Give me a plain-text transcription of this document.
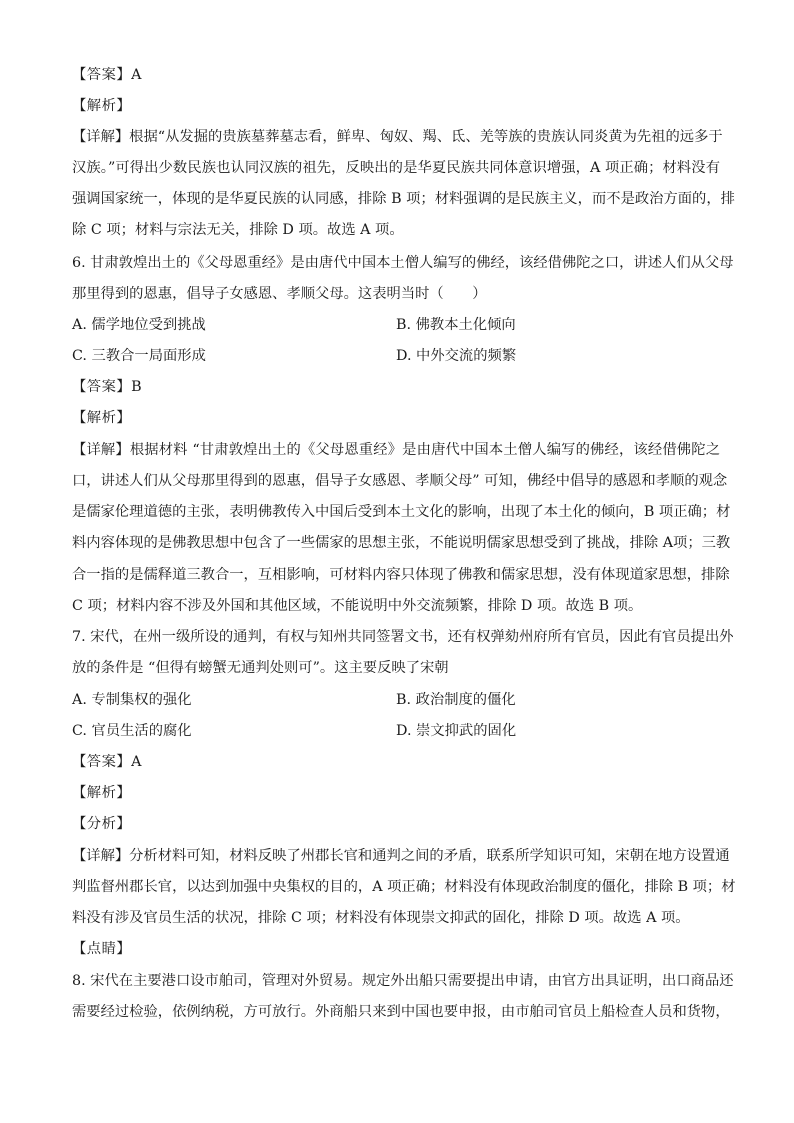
【答案】A
【解析】
【详解】根据“从发掘的贵族墓葬墓志看，鲜卑、匈奴、羯、氐、羌等族的贵族认同炎黄为先祖的远多于
汉族。”可得出少数民族也认同汉族的祖先，反映出的是华夏民族共同体意识增强，A 项正确；材料没有
强调国家统一，体现的是华夏民族的认同感，排除 B 项；材料强调的是民族主义，而不是政治方面的，排
除 C 项；材料与宗法无关，排除 D 项。故选 A 项。
6. 甘肃敦煌出土的《父母恩重经》是由唐代中国本土僧人编写的佛经，该经借佛陀之口，讲述人们从父母
那里得到的恩惠，倡导子女感恩、孝顺父母。这表明当时（　　）
A. 儒学地位受到挑战	B. 佛教本土化倾向
C. 三教合一局面形成	D. 中外交流的频繁
【答案】B
【解析】
【详解】根据材料 “甘肃敦煌出土的《父母恩重经》是由唐代中国本土僧人编写的佛经，该经借佛陀之
口，讲述人们从父母那里得到的恩惠，倡导子女感恩、孝顺父母” 可知，佛经中倡导的感恩和孝顺的观念
是儒家伦理道德的主张，表明佛教传入中国后受到本土文化的影响，出现了本土化的倾向，B 项正确；材
料内容体现的是佛教思想中包含了一些儒家的思想主张，不能说明儒家思想受到了挑战，排除 A项；三教
合一指的是儒释道三教合一，互相影响，可材料内容只体现了佛教和儒家思想，没有体现道家思想，排除
C 项；材料内容不涉及外国和其他区域，不能说明中外交流频繁，排除 D 项。故选 B 项。
7. 宋代，在州一级所设的通判，有权与知州共同签署文书，还有权弹劾州府所有官员，因此有官员提出外
放的条件是 “但得有螃蟹无通判处则可”。这主要反映了宋朝
A. 专制集权的强化	B. 政治制度的僵化
C. 官员生活的腐化	D. 崇文抑武的固化
【答案】A
【解析】
【分析】
【详解】分析材料可知，材料反映了州郡长官和通判之间的矛盾，联系所学知识可知，宋朝在地方设置通
判监督州郡长官，以达到加强中央集权的目的，A 项正确；材料没有体现政治制度的僵化，排除 B 项；材
料没有涉及官员生活的状况，排除 C 项；材料没有体现崇文抑武的固化，排除 D 项。故选 A 项。
【点睛】
8. 宋代在主要港口设市舶司，管理对外贸易。规定外出船只需要提出申请，由官方出具证明，出口商品还
需要经过检验，依例纳税，方可放行。外商船只来到中国也要申报，由市舶司官员上船检查人员和货物，
